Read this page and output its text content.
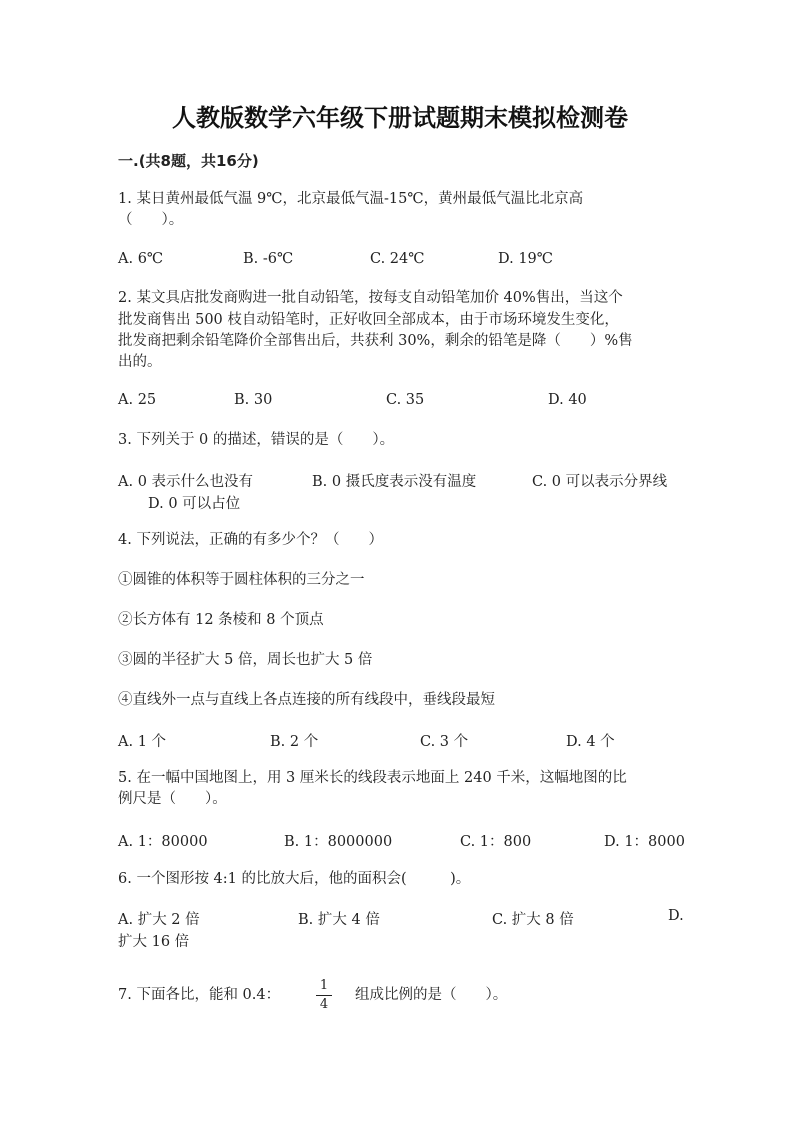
人教版数学六年级下册试题期末模拟检测卷
一.(共8题，共16分)
1. 某日黄州最低气温 9℃，北京最低气温-15℃，黄州最低气温比北京高
（　　）。
A. 6℃	B. -6℃	C. 24℃	D. 19℃
2. 某文具店批发商购进一批自动铅笔，按每支自动铅笔加价 40%售出，当这个
批发商售出 500 枝自动铅笔时，正好收回全部成本，由于市场环境发生变化，
批发商把剩余铅笔降价全部售出后，共获利 30%，剩余的铅笔是降（　　）%售
出的。
A. 25	B. 30	C. 35	D. 40
3. 下列关于 0 的描述，错误的是（　　）。
A. 0 表示什么也没有	B. 0 摄氏度表示没有温度	C. 0 可以表示分界线
D. 0 可以占位
4. 下列说法，正确的有多少个？（　　）
①圆锥的体积等于圆柱体积的三分之一
②长方体有 12 条棱和 8 个顶点
③圆的半径扩大 5 倍，周长也扩大 5 倍
④直线外一点与直线上各点连接的所有线段中，垂线段最短
A. 1 个	B. 2 个	C. 3 个	D. 4 个
5. 在一幅中国地图上，用 3 厘米长的线段表示地面上 240 千米，这幅地图的比
例尺是（　　）。
A. 1：80000	B. 1：8000000	C. 1：800	D. 1：8000
6. 一个图形按 4:1 的比放大后，他的面积会(　　　)。
A. 扩大 2 倍	B. 扩大 4 倍	C. 扩大 8 倍	D.
扩大 16 倍
7. 下面各比，能和 0.4：
1
4
组成比例的是（　　）。
